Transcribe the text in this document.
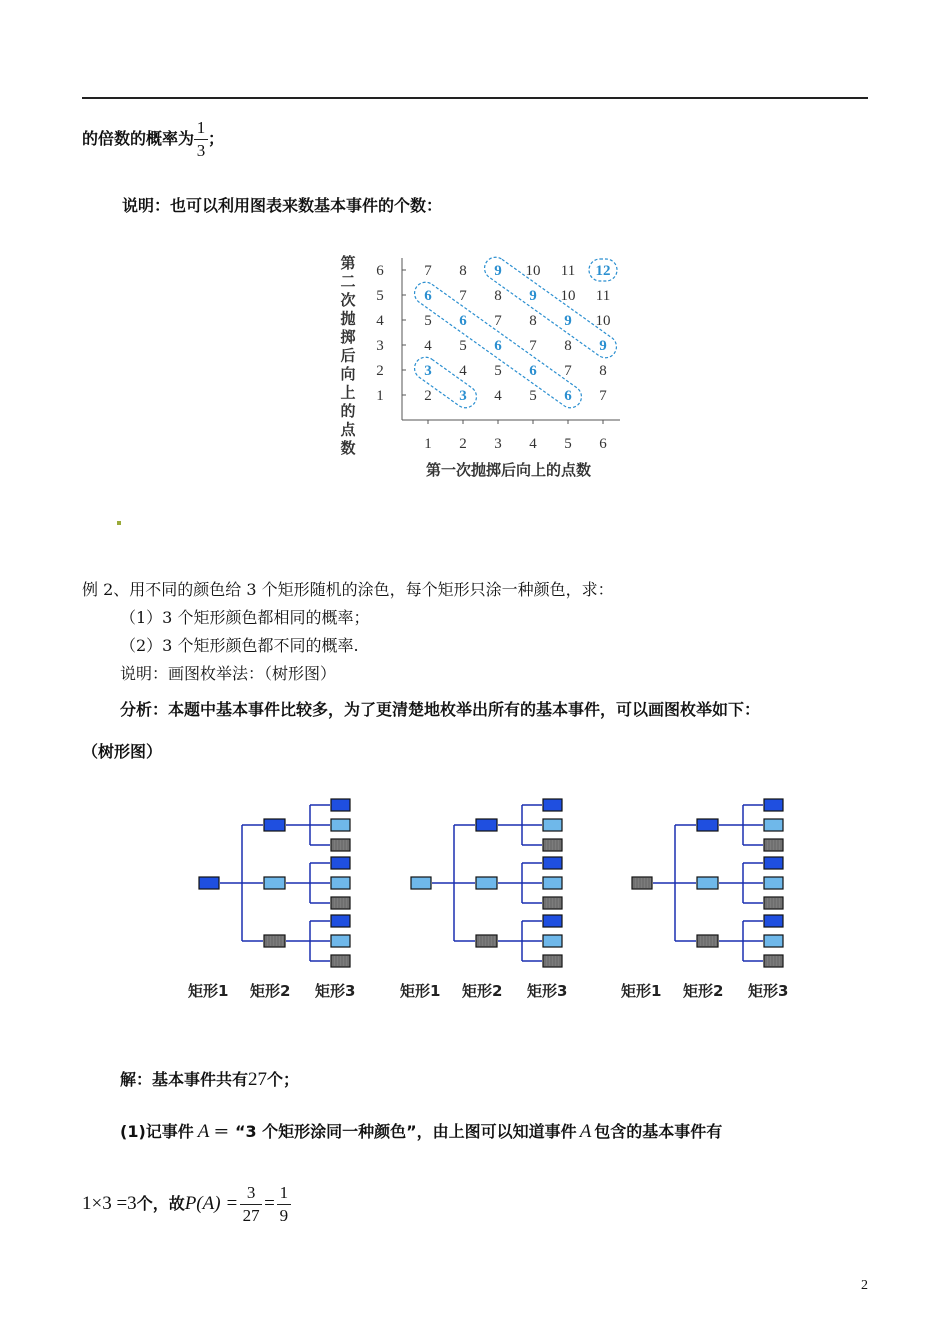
的倍数的概率为 $\frac{1}{3}$ ；
说明：也可以利用图表来数基本事件的个数：
第
二
次
抛
掷
后
向
上
的
点
数
2 3 4 5 6 7
3 4 5 6 7 8
4 5 6 7 8 9
5 6 7 8 9 10
6 7 8 9 10 11
7 8 9 10 11 12
1
2
3
4
5
6
1 2 3 4 5 6
第一次抛掷后向上的点数
例 2、用不同的颜色给 3 个矩形随机的涂色，每个矩形只涂一种颜色，求：
（1）3 个矩形颜色都相同的概率；
（2）3 个矩形颜色都不同的概率.
说明：画图枚举法：（树形图）
分析：本题中基本事件比较多，为了更清楚地枚举出所有的基本事件，可以画图枚举如下：
（树形图）
矩形1 矩形2 矩形3	矩形1 矩形2 矩形3	矩形1 矩形2 矩形3
解：基本事件共有27个；
(1)记事件 A ＝ “3 个矩形涂同一种颜色”，由上图可以知道事件 A 包含的基本事件有
1×3 =3个，故$P(A) = \frac{3}{27} = \frac{1}{9}$
2
